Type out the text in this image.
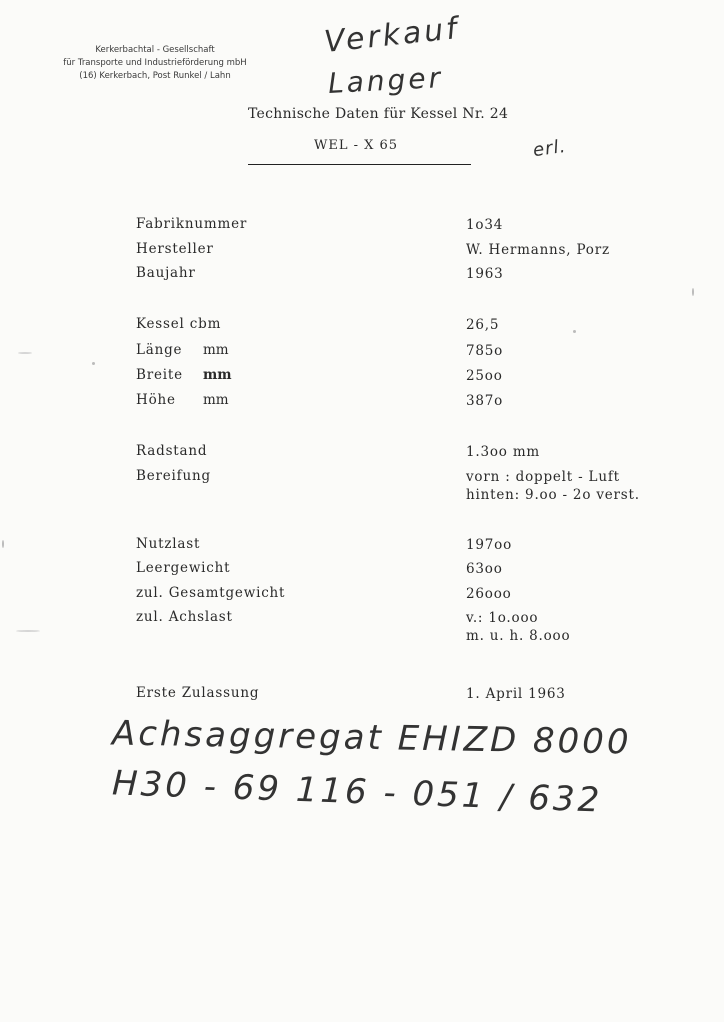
Kerkerbachtal - Gesellschaft
für Transporte und Industrieförderung mbH
(16) Kerkerbach, Post Runkel / Lahn
Verkauf
Langer
erl.
Technische Daten für Kessel Nr. 24
WEL - X 65
Fabriknummer	1o34
Hersteller	W. Hermanns, Porz
Baujahr	1963
Kessel cbm	26,5
Länge mm	785o
Breite mm	25oo
Höhe mm	387o
Radstand	1.3oo mm
Bereifung	vorn : doppelt - Luft
hinten: 9.oo - 2o verst.
Nutzlast	197oo
Leergewicht	63oo
zul. Gesamtgewicht	26ooo
zul. Achslast	v.: 1o.ooo
m. u. h. 8.ooo
Erste Zulassung	1. April 1963
Achsaggregat EHIZD 8000
H30 - 69 116 - 051 / 632
